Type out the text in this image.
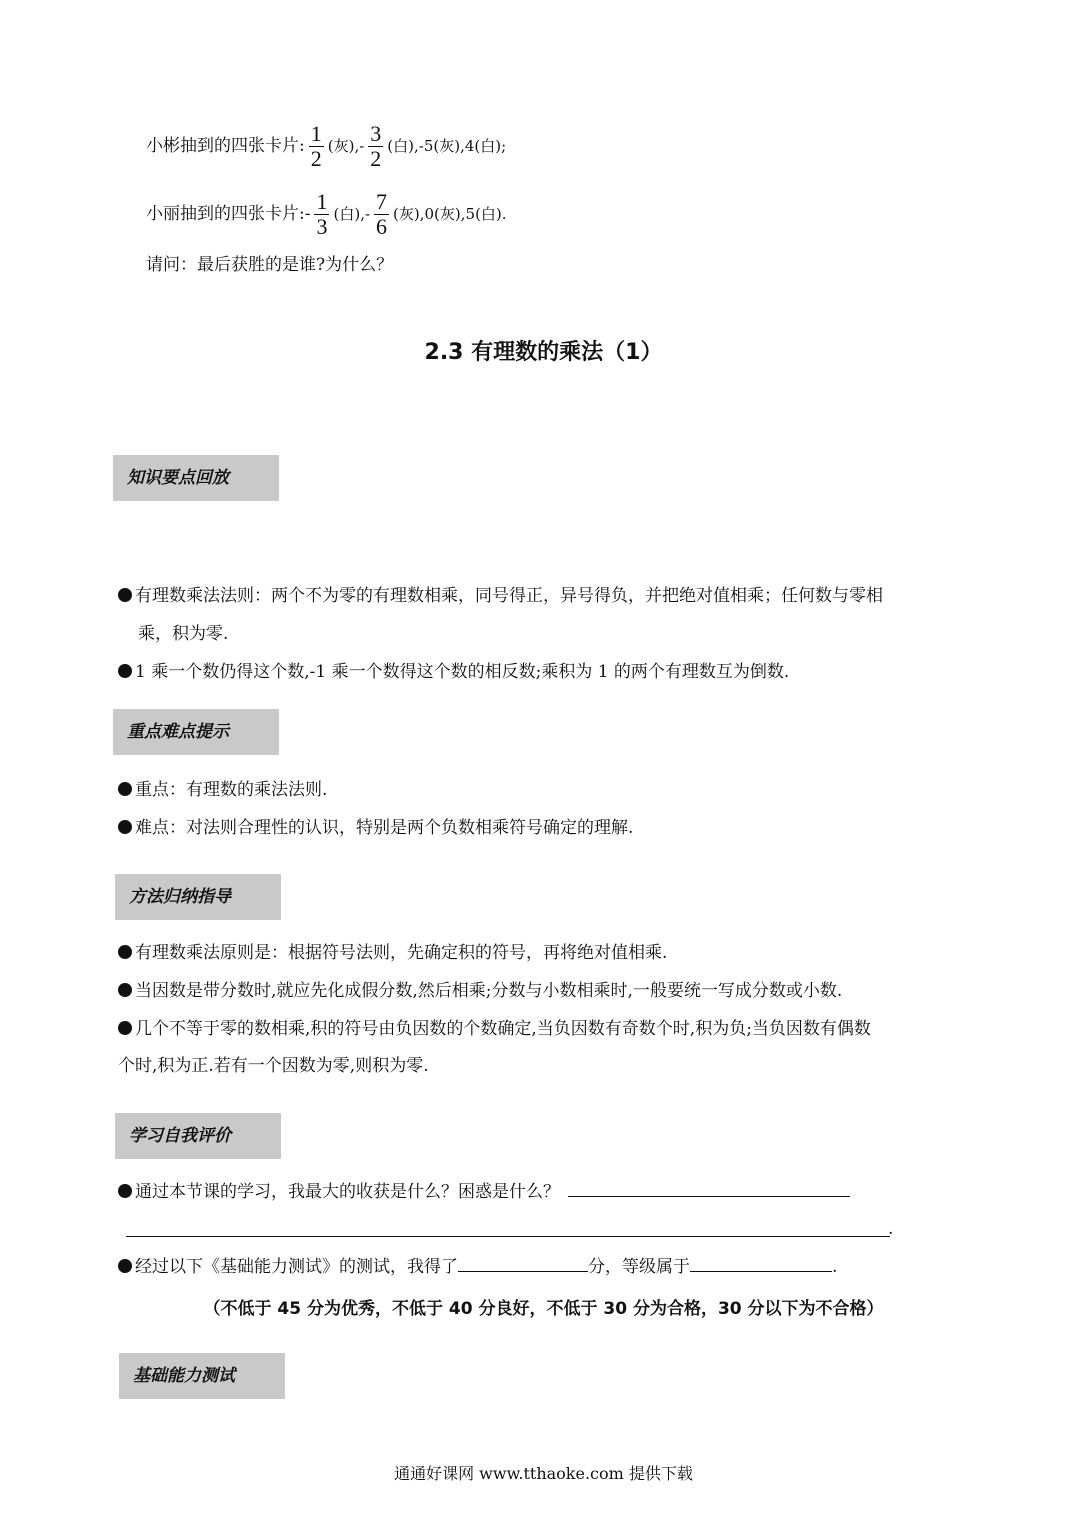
小彬抽到的四张卡片: $\frac{1}{2}$ (灰),- $\frac{3}{2}$ (白),-5(灰),4(白);
小丽抽到的四张卡片:- $\frac{1}{3}$ (白),- $\frac{7}{6}$ (灰),0(灰),5(白).
请问：最后获胜的是谁?为什么？
2.3 有理数的乘法（1）
知识要点回放
有理数乘法法则：两个不为零的有理数相乘，同号得正，异号得负，并把绝对值相乘；任何数与零相
乘，积为零.
1 乘一个数仍得这个数,-1 乘一个数得这个数的相反数;乘积为 1 的两个有理数互为倒数.
重点难点提示
重点：有理数的乘法法则.
难点：对法则合理性的认识，特别是两个负数相乘符号确定的理解.
方法归纳指导
有理数乘法原则是：根据符号法则，先确定积的符号，再将绝对值相乘.
当因数是带分数时,就应先化成假分数,然后相乘;分数与小数相乘时,一般要统一写成分数或小数.
几个不等于零的数相乘,积的符号由负因数的个数确定,当负因数有奇数个时,积为负;当负因数有偶数
个时,积为正.若有一个因数为零,则积为零.
学习自我评价
通过本节课的学习，我最大的收获是什么？困惑是什么？
.
经过以下《基础能力测试》的测试，我得了	分，等级属于	.
（不低于 45 分为优秀，不低于 40 分良好，不低于 30 分为合格，30 分以下为不合格）
基础能力测试
通通好课网 www.tthaoke.com 提供下载
